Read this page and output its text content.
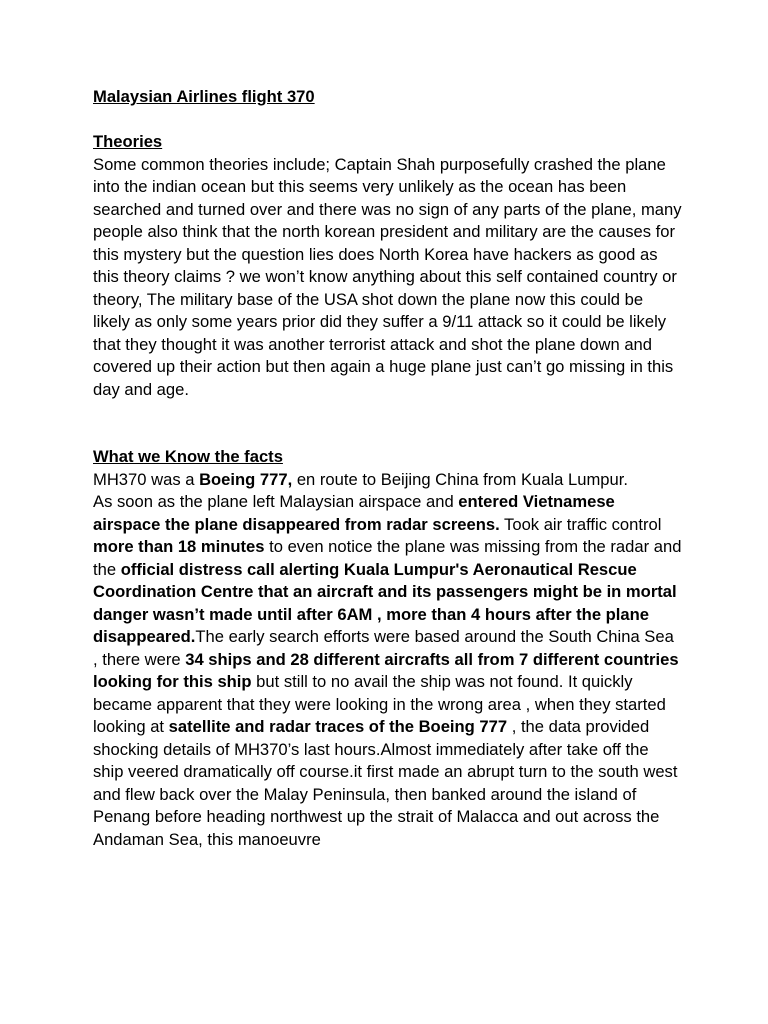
Malaysian Airlines flight 370

Theories

Some common theories include; Captain Shah purposefully crashed the plane into the indian ocean but this seems very unlikely as the ocean has been searched and turned over and there was no sign of any parts of the plane, many people also think that the north korean president and military are the causes for this mystery but the question lies does North Korea have hackers as good as this theory claims ? we won’t know anything about this self contained country or theory, The military base of the USA shot down the plane now this could be likely as only some years prior did they suffer a 9/11 attack so it could be likely that they thought it was another terrorist attack and shot the plane down and covered up their action but then again a huge plane just can’t go missing in this day and age.

What we Know the facts

MH370 was a Boeing 777, en route to Beijing China from Kuala Lumpur.

As soon as the plane left Malaysian airspace and entered Vietnamese airspace the plane disappeared from radar screens. Took air traffic control more than 18 minutes to even notice the plane was missing from the radar and the official distress call alerting Kuala Lumpur's Aeronautical Rescue Coordination Centre that an aircraft and its passengers might be in mortal danger wasn’t made until after 6AM , more than 4 hours after the plane disappeared.The early search efforts were based around the South China Sea , there were 34 ships and 28 different aircrafts all from 7 different countries looking for this ship but still to no avail the ship was not found. It quickly became apparent that they were looking in the wrong area , when they started looking at satellite and radar traces of the Boeing 777 , the data provided shocking details of MH370’s last hours.Almost immediately after take off the ship veered dramatically off course.it first made an abrupt turn to the south west and flew back over the Malay Peninsula, then banked around the island of Penang before heading northwest up the strait of Malacca and out across the Andaman Sea, this manoeuvre
